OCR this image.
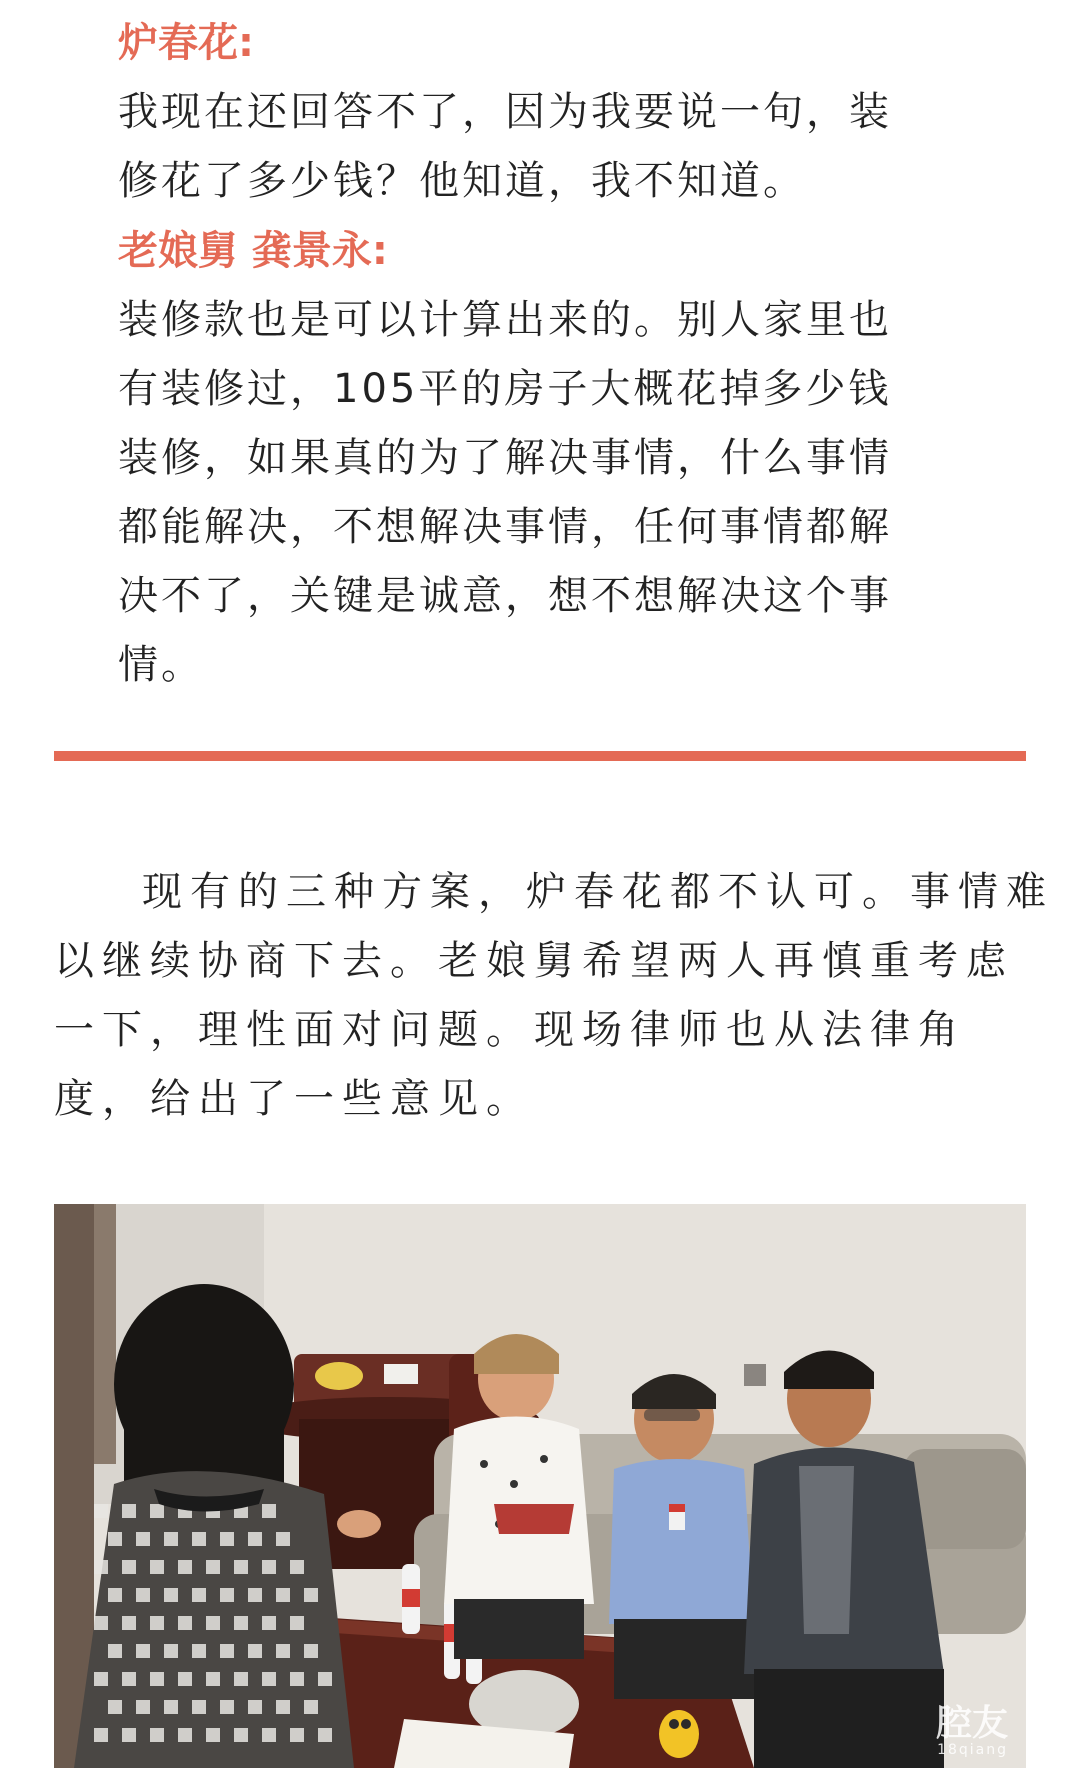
炉春花:
我现在还回答不了，因为我要说一句，装
修花了多少钱？他知道，我不知道。
老娘舅 龚景永:
装修款也是可以计算出来的。别人家里也
有装修过，105平的房子大概花掉多少钱
装修，如果真的为了解决事情，什么事情
都能解决，不想解决事情，任何事情都解
决不了，关键是诚意，想不想解决这个事
情。
现有的三种方案，炉春花都不认可。事情难
以继续协商下去。老娘舅希望两人再慎重考虑
一下，理性面对问题。现场律师也从法律角
度，给出了一些意见。
腔友
18qiang
